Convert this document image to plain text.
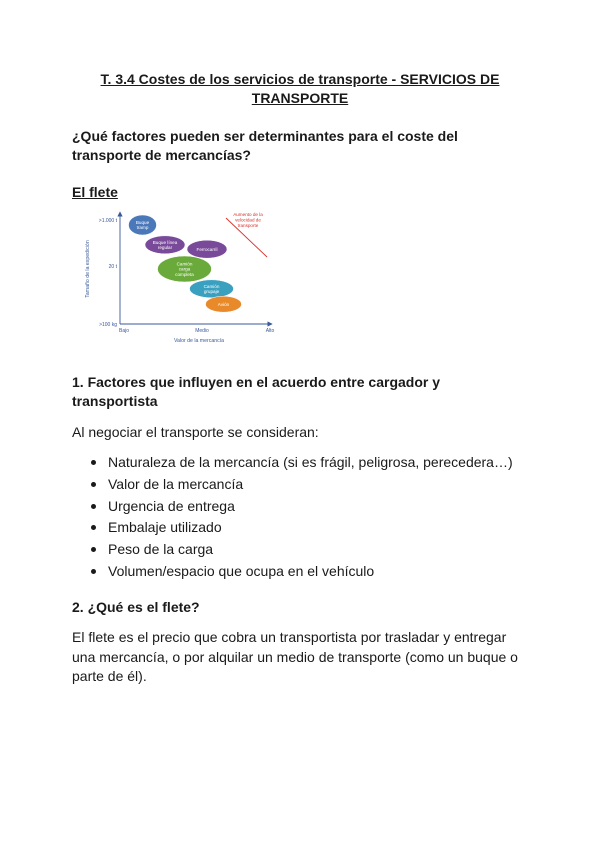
T. 3.4 Costes de los servicios de transporte - SERVICIOS DE TRANSPORTE
¿Qué factores pueden ser determinantes para el coste del transporte de mercancías?
El flete
>1.000 t
20 t
>100 kg
Bajo	Medio	Alto
Aumento de la velocidad de transporte
Buque tramp
Buque línea regular	Ferrocarril
Camión carga completa
Camión grupaje
Avión
Tamaño de la expedición
Valor de la mercancía
1. Factores que influyen en el acuerdo entre cargador y transportista
Al negociar el transporte se consideran:
Naturaleza de la mercancía (si es frágil, peligrosa, perecedera…)
Valor de la mercancía
Urgencia de entrega
Embalaje utilizado
Peso de la carga
Volumen/espacio que ocupa en el vehículo
2. ¿Qué es el flete?
El flete es el precio que cobra un transportista por trasladar y entregar una mercancía, o por alquilar un medio de transporte (como un buque o parte de él).
